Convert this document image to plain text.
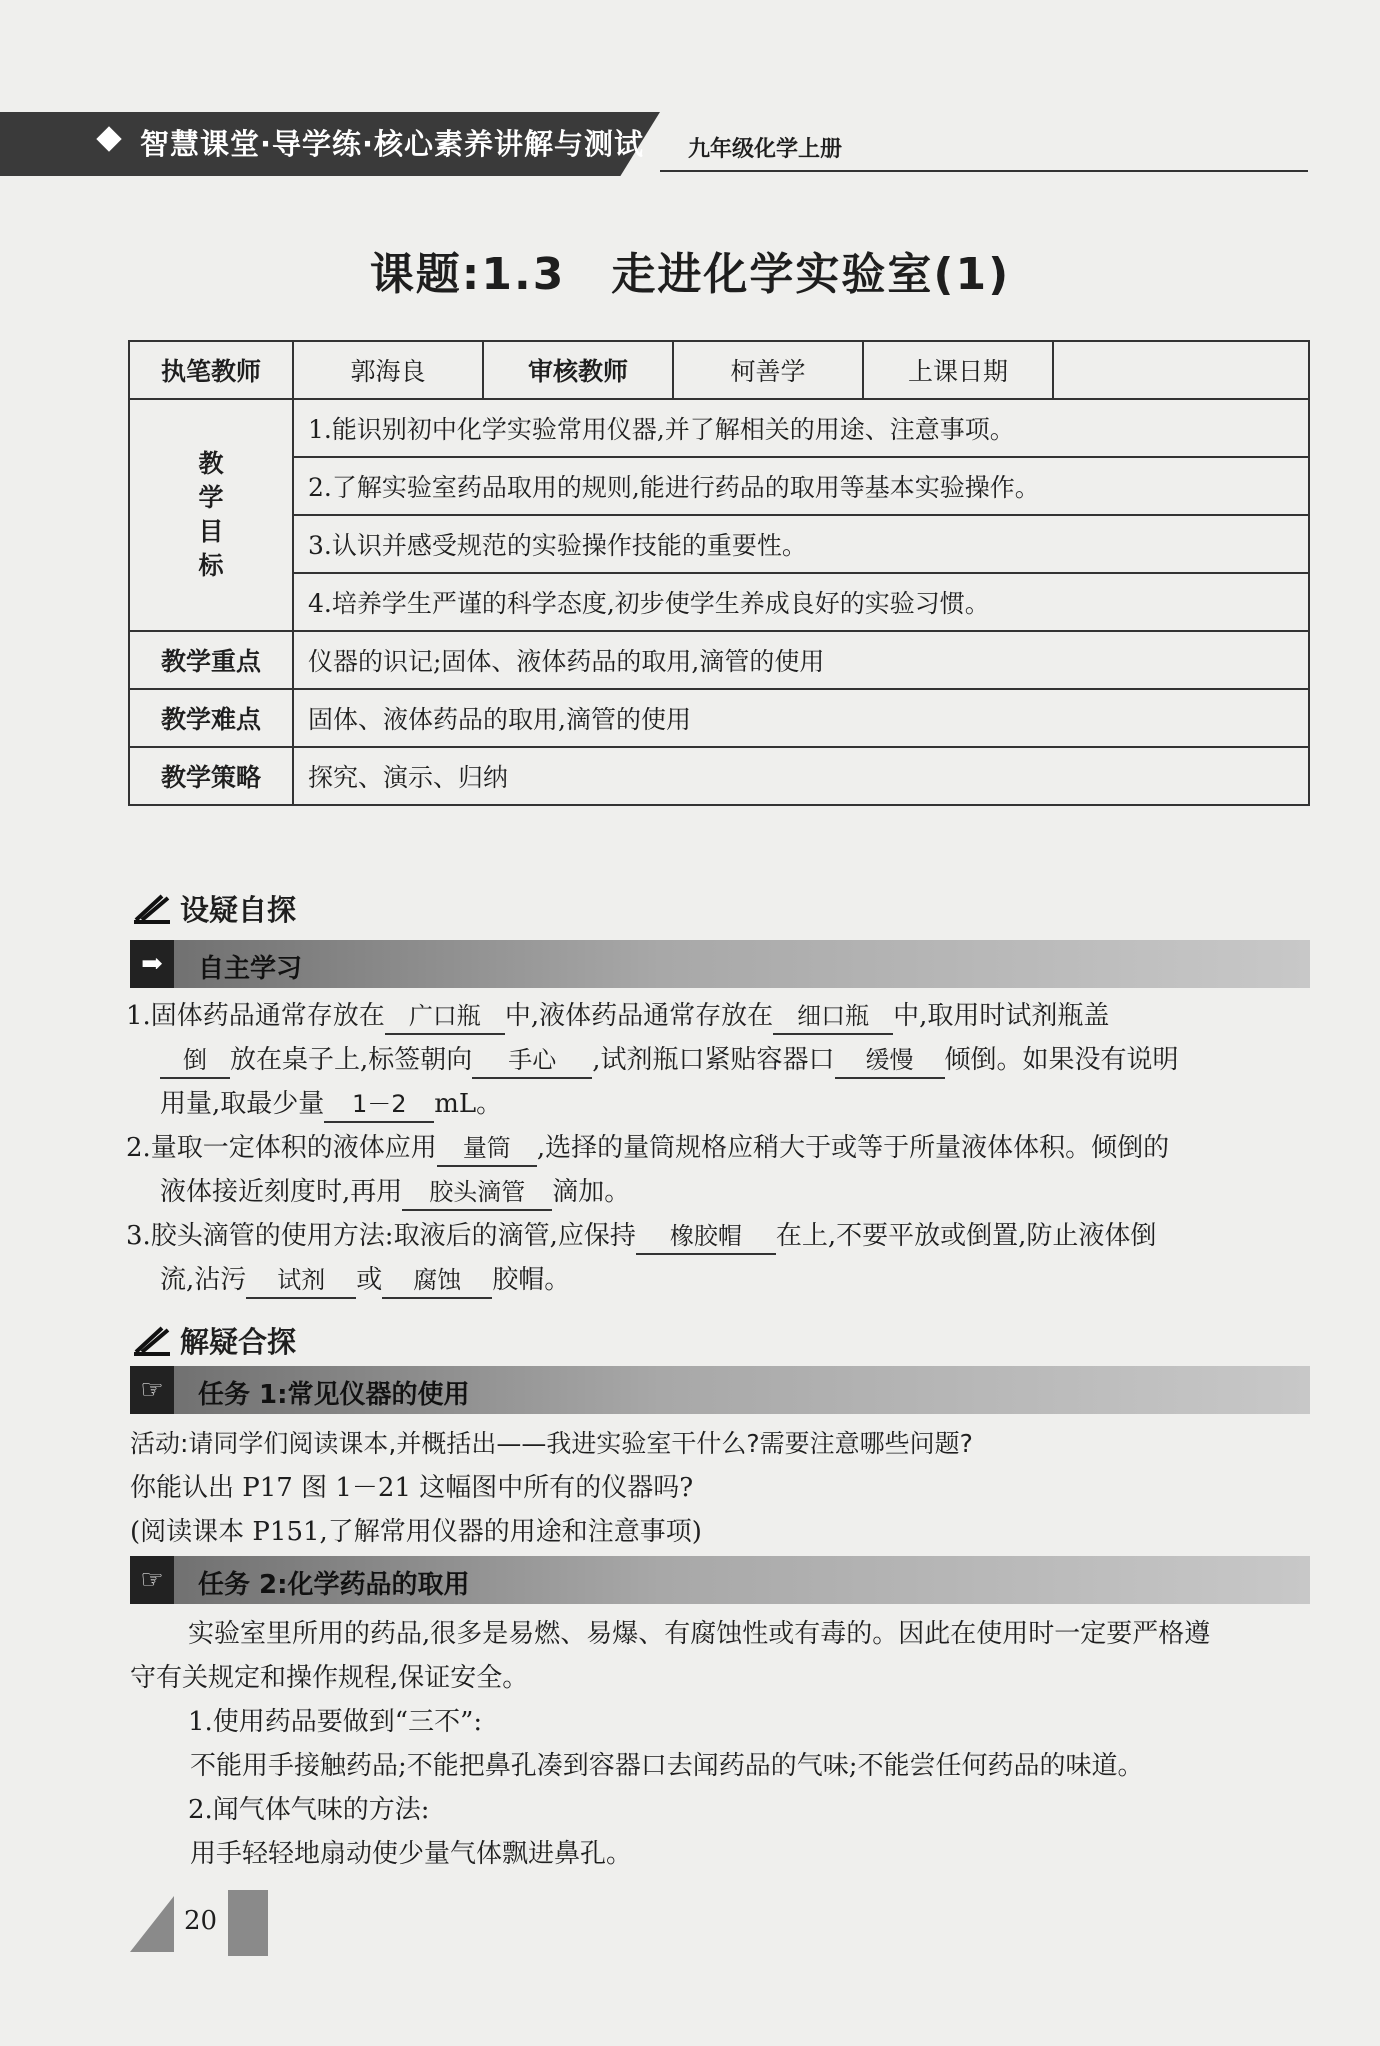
智慧课堂·导学练·核心素养讲解与测试 九年级化学上册
课题:1.3　走进化学实验室(1)
执笔教师	郭海良	审核教师	柯善学	上课日期	

教
学
目
标	1.能识别初中化学实验常用仪器,并了解相关的用途、注意事项。				
	2.了解实验室药品取用的规则,能进行药品的取用等基本实验操作。				
	3.认识并感受规范的实验操作技能的重要性。				
	4.培养学生严谨的科学态度,初步使学生养成良好的实验习惯。				
教学重点	仪器的识记;固体、液体药品的取用,滴管的使用				
教学难点	固体、液体药品的取用,滴管的使用				
教学策略	探究、演示、归纳				
设疑自探
➡	自主学习

1.固体药品通常存放在 广口瓶 中,液体药品通常存放在 细口瓶 中,取用时试剂瓶盖

倒 放在桌子上,标签朝向 手心 ,试剂瓶口紧贴容器口 缓慢 倾倒。如果没有说明

用量,取最少量 1－2 mL。

2.量取一定体积的液体应用 量筒 ,选择的量筒规格应稍大于或等于所量液体体积。倾倒的

液体接近刻度时,再用 胶头滴管 滴加。

3.胶头滴管的使用方法:取液后的滴管,应保持 橡胶帽 在上,不要平放或倒置,防止液体倒

流,沾污 试剂 或 腐蚀 胶帽。

解疑合探
☞	任务 1:常见仪器的使用

活动:请同学们阅读课本,并概括出——我进实验室干什么?需要注意哪些问题?

你能认出 P17 图 1－21 这幅图中所有的仪器吗?

(阅读课本 P151,了解常用仪器的用途和注意事项)

☞	任务 2:化学药品的取用

实验室里所用的药品,很多是易燃、易爆、有腐蚀性或有毒的。因此在使用时一定要严格遵

守有关规定和操作规程,保证安全。

1.使用药品要做到“三不”:

不能用手接触药品;不能把鼻孔凑到容器口去闻药品的气味;不能尝任何药品的味道。

2.闻气体气味的方法:

用手轻轻地扇动使少量气体飘进鼻孔。

20
